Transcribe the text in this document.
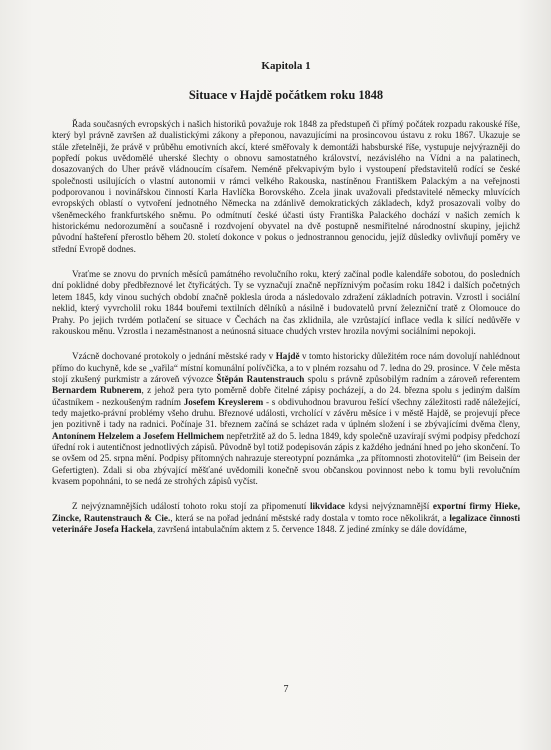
Kapitola 1
Situace v Hajdě počátkem roku 1848

Řada současných evropských i našich historiků považuje rok 1848 za předstupeň či přímý počátek rozpadu rakouské říše, který byl právně završen až dualistickými zákony a přeponou, navazujícími na prosincovou ústavu z roku 1867. Ukazuje se stále zřetelněji, že právě v průběhu emotivních akcí, které směřovaly k demontáži habsburské říše, vystupuje nejvýrazněji do popředí pokus uvědomělé uherské šlechty o obnovu samostatného království, nezávislého na Vídni a na palatinech, dosazovaných do Uher právě vládnoucím císařem. Neméně překvapivým bylo i vystoupení představitelů rodící se české společnosti usilujících o vlastní autonomii v rámci velkého Rakouska, nastíněnou Františkem Palackým a na veřejnosti podporovanou i novinářskou činností Karla Havlíčka Borovského. Zcela jinak uvažovali představitelé německy mluvících evropských oblastí o vytvoření jednotného Německa na zdánlivě demokratických základech, když prosazovali volby do všeněmeckého frankfurtského sněmu. Po odmítnutí české účasti ústy Františka Palackého dochází v našich zemích k historickému nedorozumění a současně i rozdvojení obyvatel na dvě postupně nesmiřitelné národnostní skupiny, jejichž původní hašteření přerostlo během 20. století dokonce v pokus o jednostrannou genocidu, jejíž důsledky ovlivňují poměry ve střední Evropě dodnes.

Vraťme se znovu do prvních měsíců památného revolučního roku, který začínal podle kalendáře sobotou, do posledních dní poklidné doby předbřeznové let čtyřicátých. Ty se vyznačují značně nepříznivým počasím roku 1842 i dalších početných letem 1845, kdy vinou suchých období značně poklesla úroda a následovalo zdražení základních potravin. Vzrostl i sociální neklid, který vyvrcholil roku 1844 bouřemi textilních dělníků a násilně i budovatelů první železniční tratě z Olomouce do Prahy. Po jejich tvrdém potlačení se situace v Čechách na čas zklidnila, ale vzrůstající inflace vedla k silící nedůvěře v rakouskou měnu. Vzrostla i nezaměstnanost a neúnosná situace chudých vrstev hrozila novými sociálními nepokoji.

Vzácně dochované protokoly o jednání městské rady v Hajdě v tomto historicky důležitém roce nám dovolují nahlédnout přímo do kuchyně, kde se „vařila“ místní komunální polívčička, a to v plném rozsahu od 7. ledna do 29. prosince. V čele města stojí zkušený purkmistr a zároveň vývozce Štěpán Rautenstrauch spolu s právně způsobilým radním a zároveň referentem Bernardem Rubnerem, z jehož pera tyto poměrně dobře čitelné zápisy pocházejí, a do 24. března spolu s jediným dalším účastníkem - nezkoušeným radním Josefem Kreyslerem - s obdivuhodnou bravurou řešící všechny záležitosti radě náležející, tedy majetko-právní problémy všeho druhu. Březnové události, vrcholící v závěru měsíce i v městě Hajdě, se projevují přece jen pozitivně i tady na radnici. Počínaje 31. březnem začíná se scházet rada v úplném složení i se zbývajícími dvěma členy, Antonínem Helzelem a Josefem Hellmichem nepřetržitě až do 5. ledna 1849, kdy společně uzavírají svými podpisy předchozí úřední rok i autentičnost jednotlivých zápisů. Původně byl totiž podepisován zápis z každého jednání hned po jeho skončení. To se ovšem od 25. srpna mění. Podpisy přítomných nahrazuje stereotypní poznámka „za přítomnosti zhotovitelů“ (im Beisein der Gefertigten). Zdali si oba zbývající měšťané uvědomili konečně svou občanskou povinnost nebo k tomu byli revolučním kvasem popohnáni, to se nedá ze strohých zápisů vyčíst.

Z nejvýznamnějších událostí tohoto roku stojí za připomenutí likvidace kdysi nejvýznamnější exportní firmy Hieke, Zincke, Rautenstrauch & Cie., která se na pořad jednání městské rady dostala v tomto roce několikrát, a legalizace činnosti veterináře Josefa Hackela, završená intabulačním aktem z 5. července 1848. Z jediné zmínky se dále dovídáme,

7
